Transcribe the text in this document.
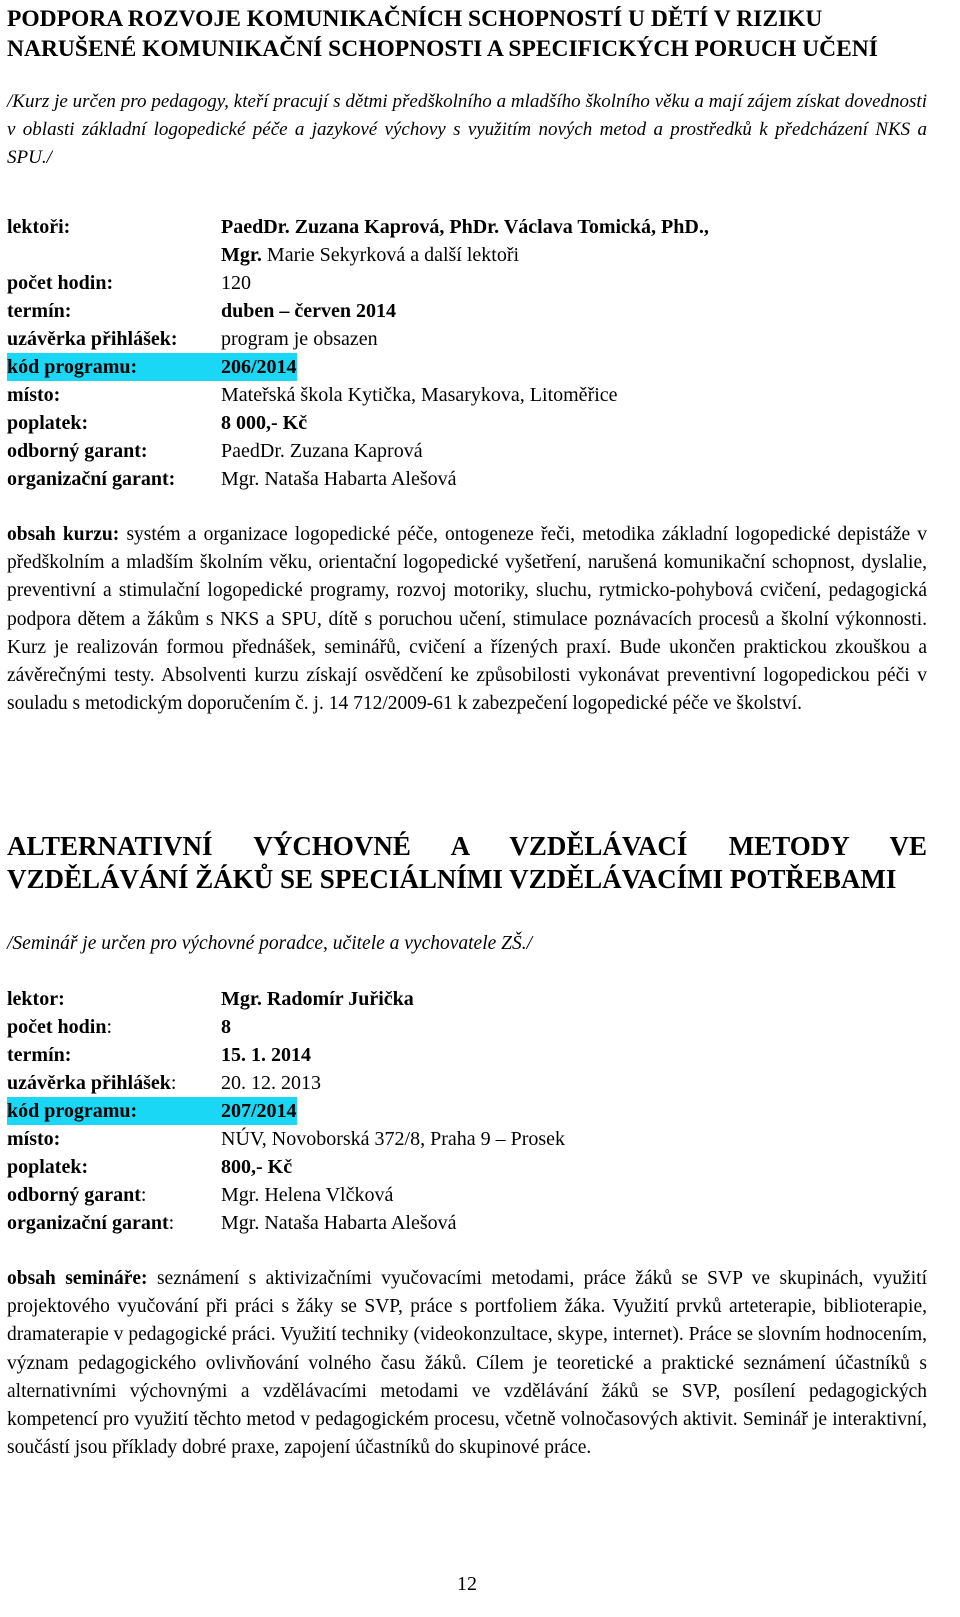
PODPORA ROZVOJE KOMUNIKAČNÍCH SCHOPNOSTÍ U DĚTÍ V RIZIKU NARUŠENÉ KOMUNIKAČNÍ SCHOPNOSTI A SPECIFICKÝCH PORUCH UČENÍ
/Kurz je určen pro pedagogy, kteří pracují s dětmi předškolního a mladšího školního věku a mají zájem získat dovednosti v oblasti základní logopedické péče a jazykové výchovy s využitím nových metod a prostředků k předcházení NKS a SPU./
lektoři:	PaedDr. Zuzana Kaprová, PhDr. Václava Tomická, PhD.,
Mgr. Marie Sekyrková a další lektoři
počet hodin:	120
termín:	duben – červen 2014
uzávěrka přihlášek: program je obsazen
kód programu:	206/2014
místo:	Mateřská škola Kytička, Masarykova, Litoměřice
poplatek:	8 000,- Kč
odborný garant:	PaedDr. Zuzana Kaprová
organizační garant: Mgr. Nataša Habarta Alešová
obsah kurzu: systém a organizace logopedické péče, ontogeneze řeči, metodika základní logopedické depistáže v předškolním a mladším školním věku, orientační logopedické vyšetření, narušená komunikační schopnost, dyslalie, preventivní a stimulační logopedické programy, rozvoj motoriky, sluchu, rytmicko-pohybová cvičení, pedagogická podpora dětem a žákům s NKS a SPU, dítě s poruchou učení, stimulace poznávacích procesů a školní výkonnosti. Kurz je realizován formou přednášek, seminářů, cvičení a řízených praxí. Bude ukončen praktickou zkouškou a závěrečnými testy. Absolventi kurzu získají osvědčení ke způsobilosti vykonávat preventivní logopedickou péči v souladu s metodickým doporučením č. j. 14 712/2009-61 k zabezpečení logopedické péče ve školství.
ALTERNATIVNÍ VÝCHOVNÉ A VZDĚLÁVACÍ METODY VE VZDĚLÁVÁNÍ ŽÁKŮ SE SPECIÁLNÍMI VZDĚLÁVACÍMI POTŘEBAMI
/Seminář je určen pro výchovné poradce, učitele a vychovatele ZŠ./
lektor:	Mgr. Radomír Juřička
počet hodin:	8
termín:	15. 1. 2014
uzávěrka přihlášek: 20. 12. 2013
kód programu:	207/2014
místo:	NÚV, Novoborská 372/8, Praha 9 – Prosek
poplatek:	800,- Kč
odborný garant:	Mgr. Helena Vlčková
organizační garant: Mgr. Nataša Habarta Alešová
obsah semináře: seznámení s aktivizačními vyučovacími metodami, práce žáků se SVP ve skupinách, využití projektového vyučování při práci s žáky se SVP, práce s portfoliem žáka. Využití prvků arteterapie, biblioterapie, dramaterapie v pedagogické práci. Využití techniky (videokonzultace, skype, internet). Práce se slovním hodnocením, význam pedagogického ovlivňování volného času žáků. Cílem je teoretické a praktické seznámení účastníků s alternativními výchovnými a vzdělávacími metodami ve vzdělávání žáků se SVP, posílení pedagogických kompetencí pro využití těchto metod v pedagogickém procesu, včetně volnočasových aktivit. Seminář je interaktivní, součástí jsou příklady dobré praxe, zapojení účastníků do skupinové práce.
12
